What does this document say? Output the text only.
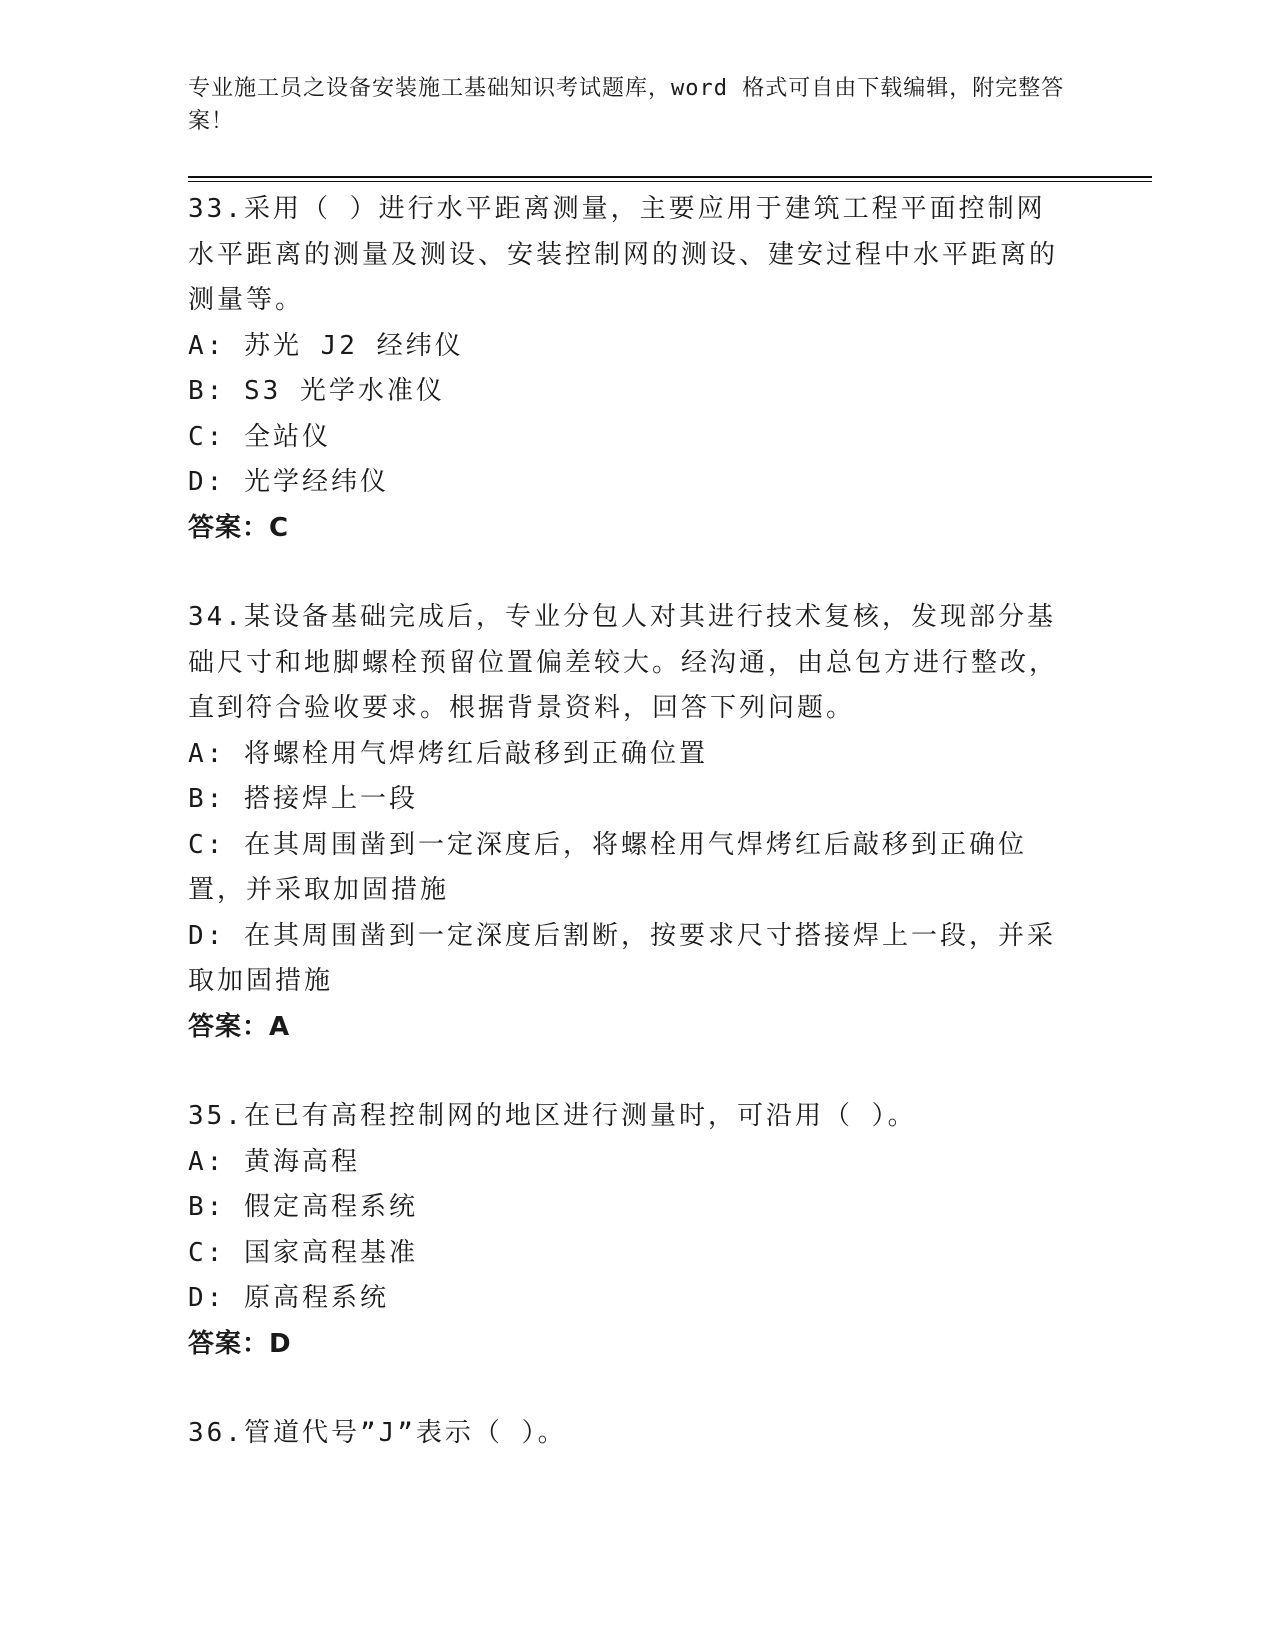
专业施工员之设备安装施工基础知识考试题库，word 格式可自由下载编辑，附完整答案！
33.采用（ ）进行水平距离测量，主要应用于建筑工程平面控制网水平距离的测量及测设、安装控制网的测设、建安过程中水平距离的测量等。
A: 苏光 J2 经纬仪
B: S3 光学水准仪
C: 全站仪
D: 光学经纬仪
答案：C
34.某设备基础完成后，专业分包人对其进行技术复核，发现部分基础尺寸和地脚螺栓预留位置偏差较大。经沟通，由总包方进行整改，直到符合验收要求。根据背景资料，回答下列问题。
A: 将螺栓用气焊烤红后敲移到正确位置
B: 搭接焊上一段
C: 在其周围凿到一定深度后，将螺栓用气焊烤红后敲移到正确位置，并采取加固措施
D: 在其周围凿到一定深度后割断，按要求尺寸搭接焊上一段，并采取加固措施
答案：A
35.在已有高程控制网的地区进行测量时，可沿用（ ）。
A: 黄海高程
B: 假定高程系统
C: 国家高程基准
D: 原高程系统
答案：D
36.管道代号”J”表示（ ）。
